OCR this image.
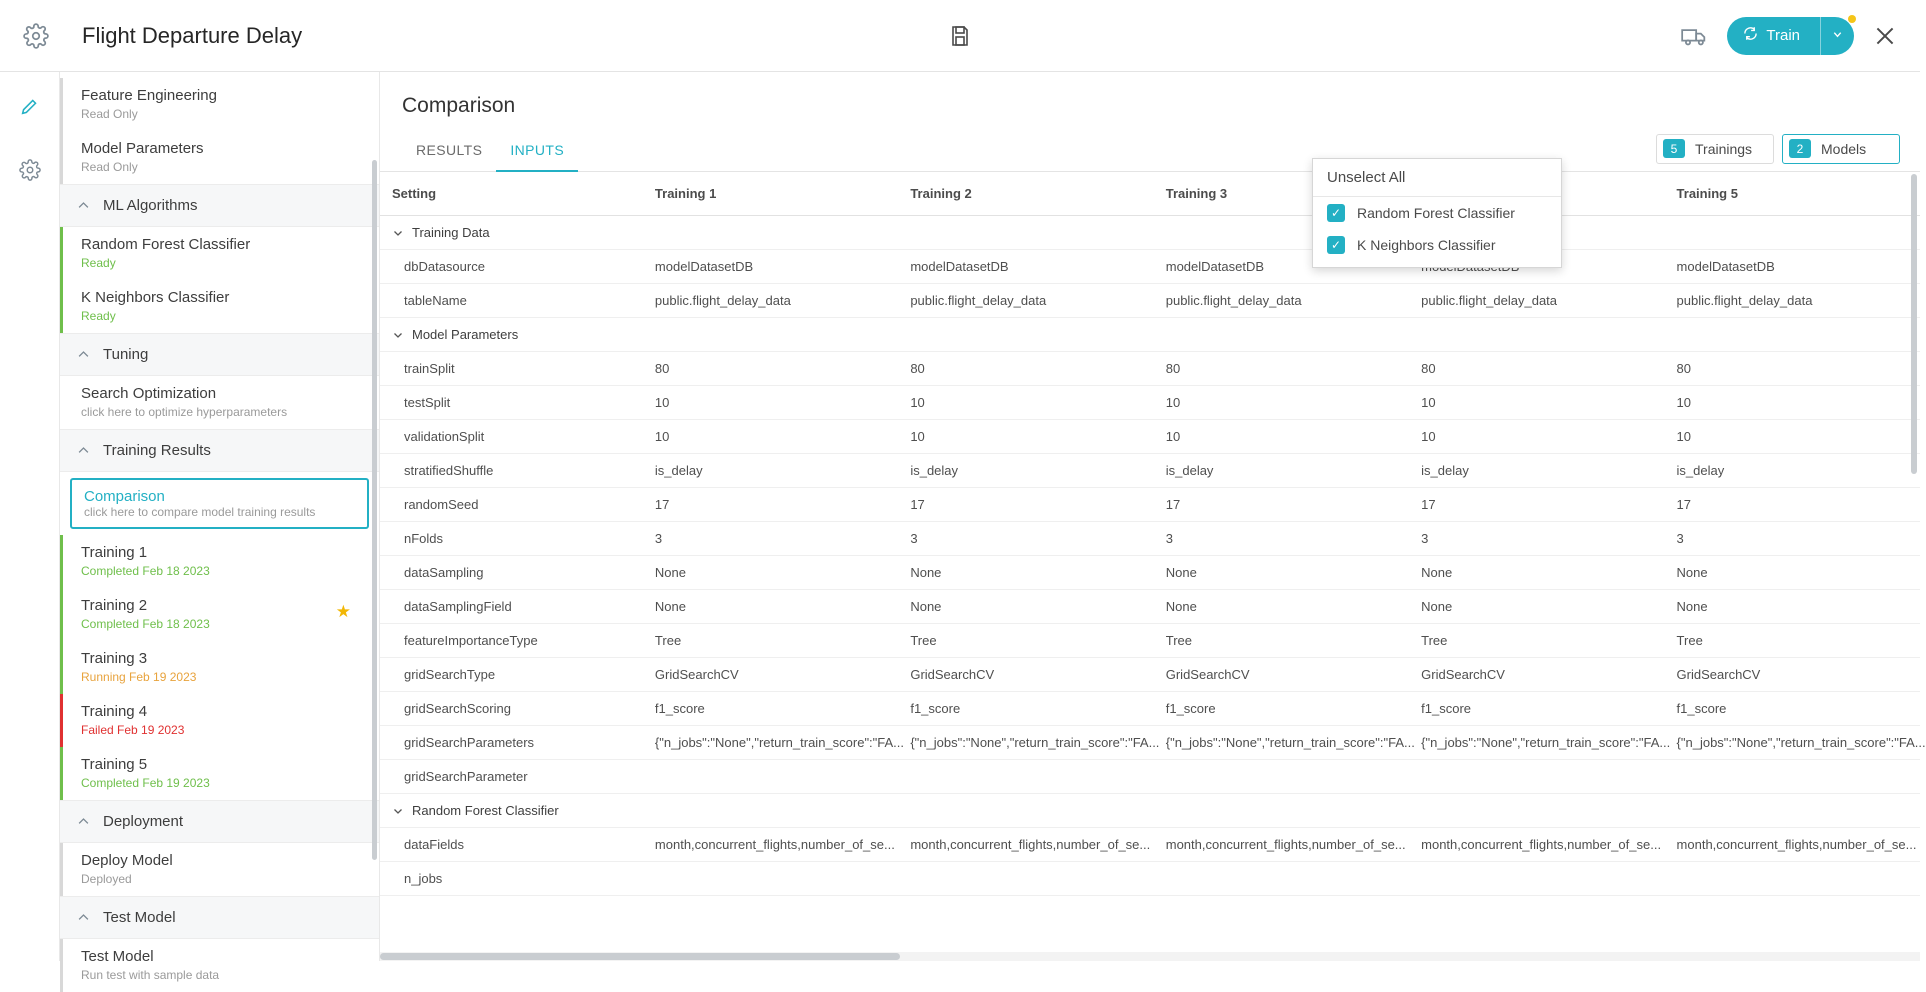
Flight Departure Delay	Train
Feature Engineering
Read Only
Model Parameters
Read Only
ML Algorithms
Random Forest Classifier
Ready
K Neighbors Classifier
Ready
Tuning
Search Optimization
click here to optimize hyperparameters
Training Results
Comparison
click here to compare model training results
Training 1
Completed Feb 18 2023
Training 2
Completed Feb 18 2023
★
Training 3
Running Feb 19 2023
Training 4
Failed Feb 19 2023
Training 5
Completed Feb 19 2023
Deployment
Deploy Model
Deployed
Test Model
Test Model
Run test with sample data
Comparison
RESULTS	INPUTS	5	Trainings	2	Models
Setting	Training 1	Training 2	Training 3		Training 5

Training Data					

dbDatasource	modelDatasetDB	modelDatasetDB	modelDatasetDB		modelDatasetDB
tableName	public.flight_delay_data	public.flight_delay_data	public.flight_delay_data	public.flight_delay_data	public.flight_delay_data

Model Parameters					

trainSplit	80	80	80	80	80
testSplit	10	10	10	10	10
validationSplit	10	10	10	10	10
stratifiedShuffle	is_delay	is_delay	is_delay	is_delay	is_delay
randomSeed	17	17	17	17	17
nFolds	3	3	3	3	3
dataSampling	None	None	None	None	None
dataSamplingField	None	None	None	None	None
featureImportanceType	Tree	Tree	Tree	Tree	Tree
gridSearchType	GridSearchCV	GridSearchCV	GridSearchCV	GridSearchCV	GridSearchCV
gridSearchScoring	f1_score	f1_score	f1_score	f1_score	f1_score
gridSearchParameters	{"n_jobs":"None","return_train_score":"FA...	{"n_jobs":"None","return_train_score":"FA...	{"n_jobs":"None","return_train_score":"FA...	{"n_jobs":"None","return_train_score":"FA...	{"n_jobs":"None","return_train_score":"FA...
gridSearchParameter					

Random Forest Classifier					

dataFields	month,concurrent_flights,number_of_se...	month,concurrent_flights,number_of_se...	month,concurrent_flights,number_of_se...	month,concurrent_flights,number_of_se...	month,concurrent_flights,number_of_se...
n_jobs					
Unselect All
✓ Random Forest Classifier
✓ K Neighbors Classifier
